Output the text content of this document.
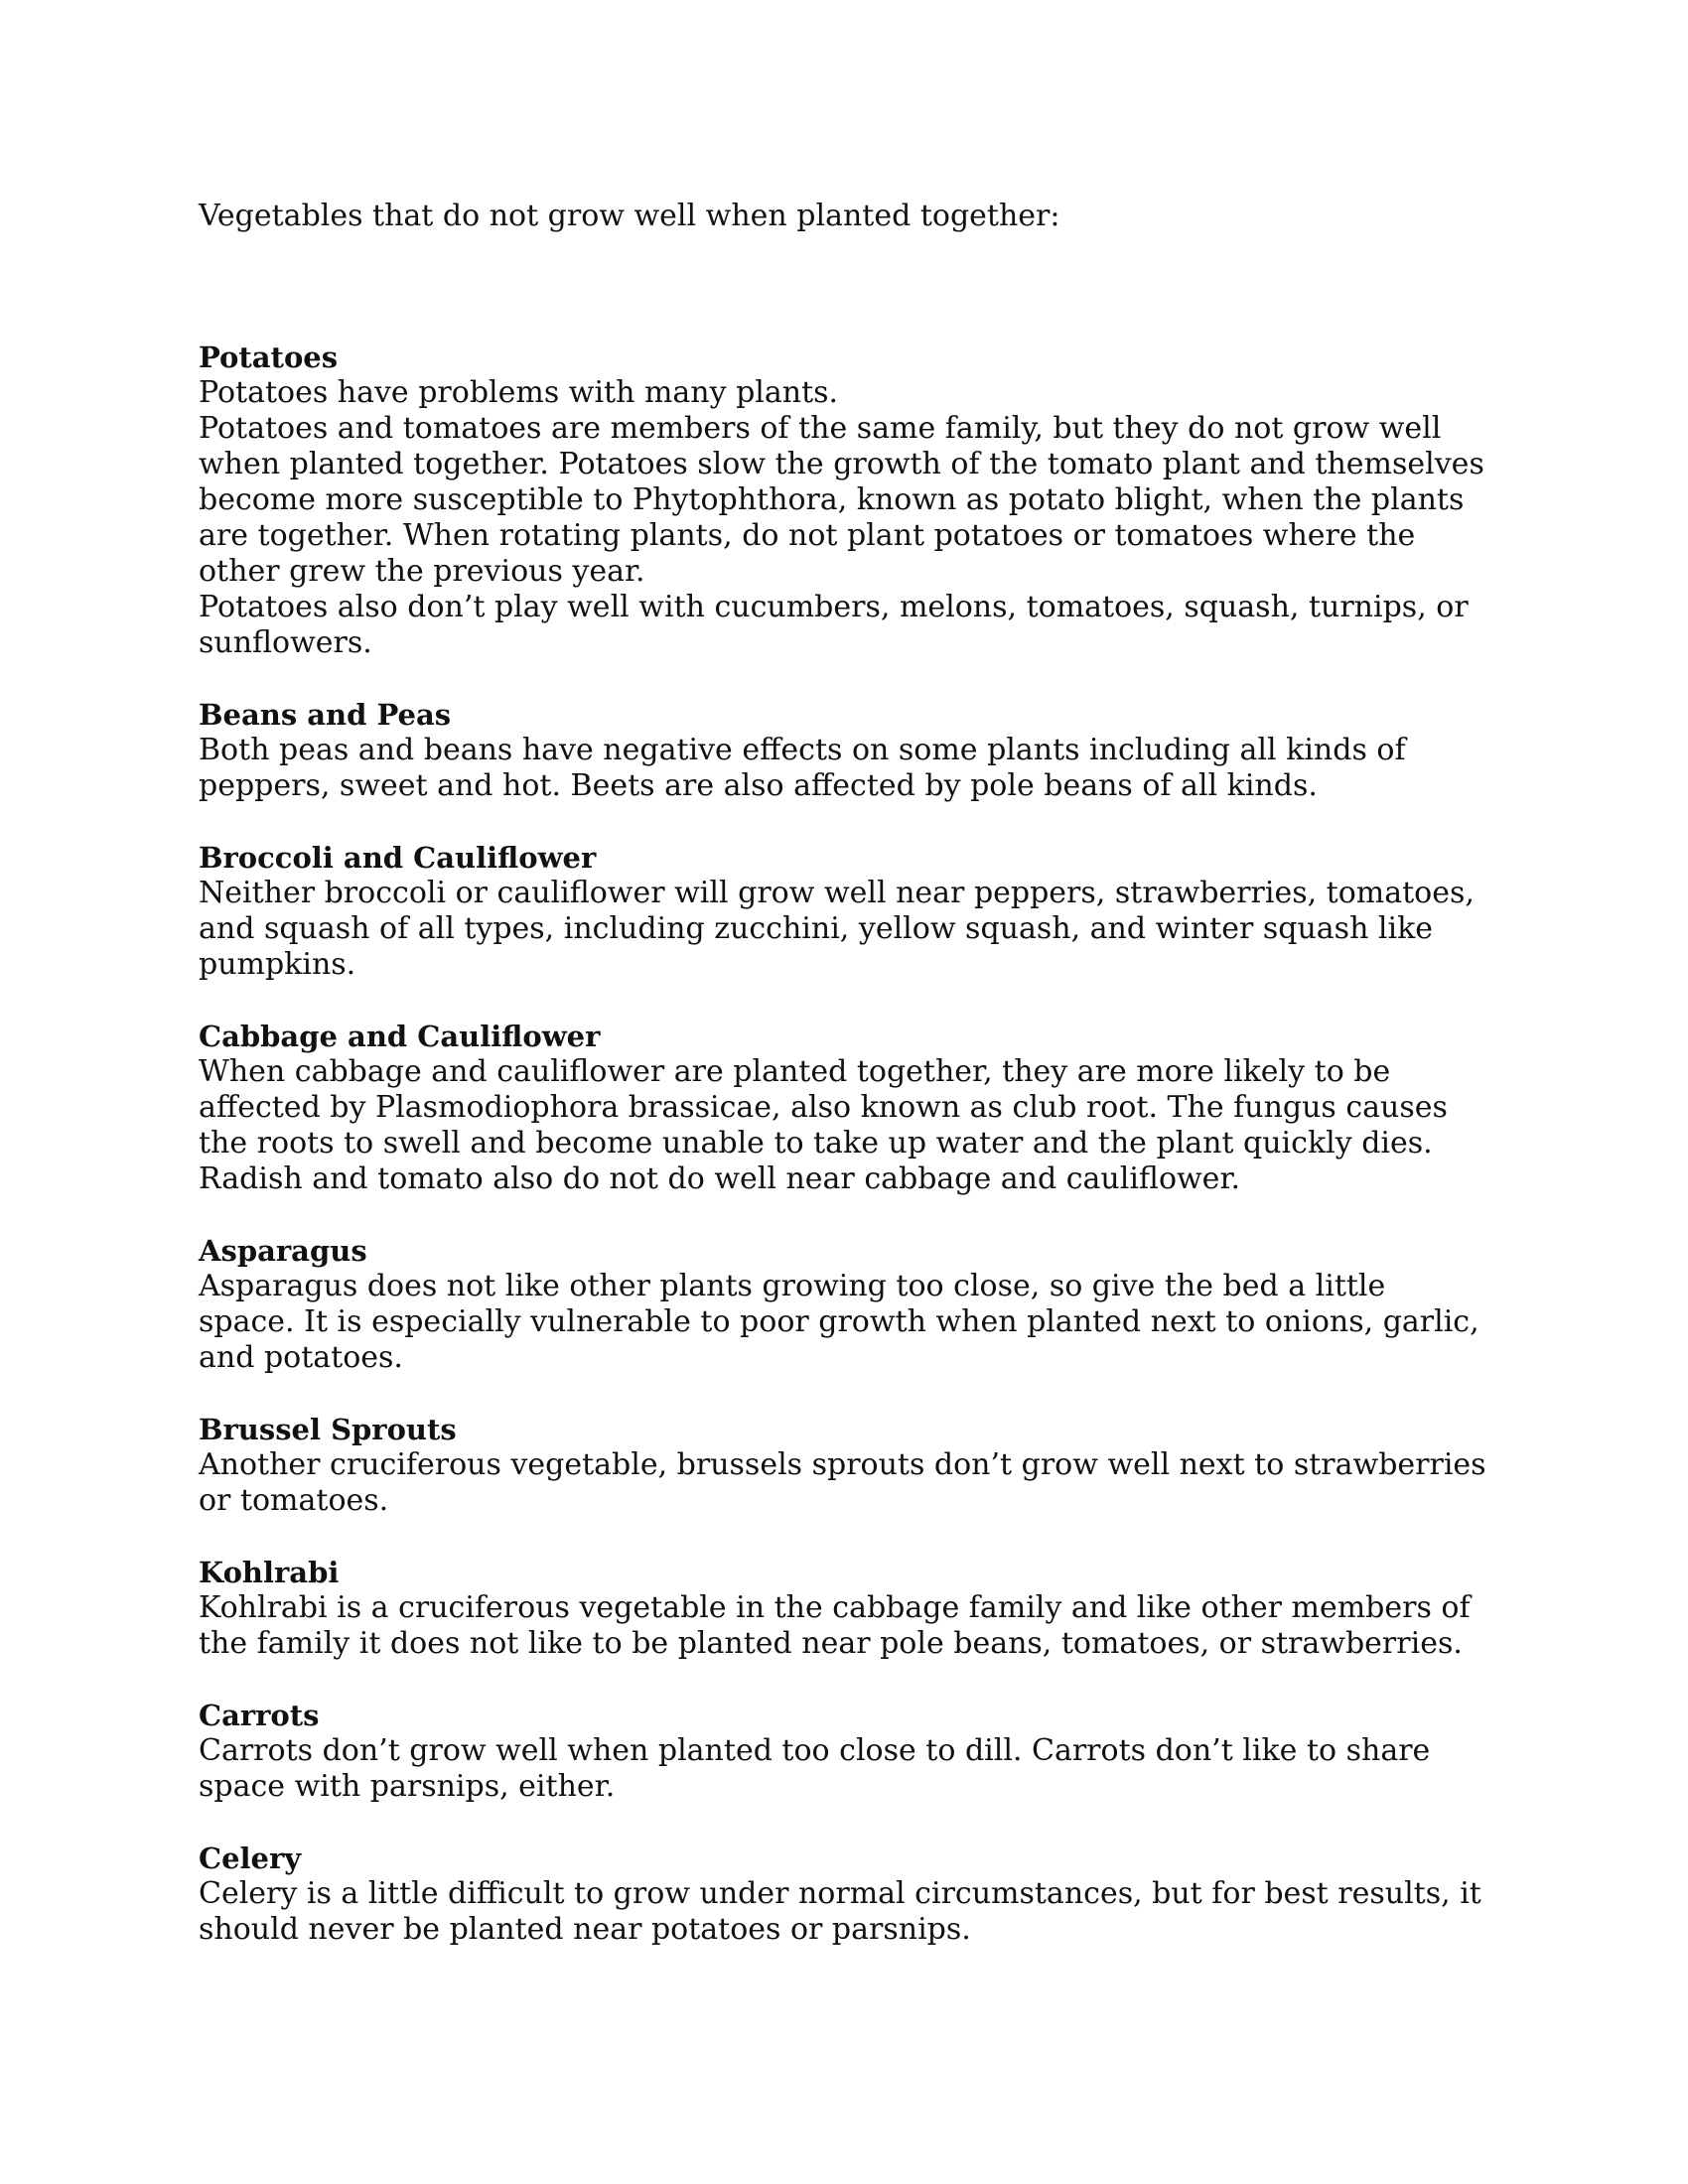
Vegetables that do not grow well when planted together:

Potatoes

Potatoes have problems with many plants.

Potatoes and tomatoes are members of the same family, but they do not grow well when planted together. Potatoes slow the growth of the tomato plant and themselves become more susceptible to Phytophthora, known as potato blight, when the plants are together. When rotating plants, do not plant potatoes or tomatoes where the other grew the previous year.

Potatoes also don’t play well with cucumbers, melons, tomatoes, squash, turnips, or sunflowers.

Beans and Peas

Both peas and beans have negative effects on some plants including all kinds of peppers, sweet and hot. Beets are also affected by pole beans of all kinds.

Broccoli and Cauliflower

Neither broccoli or cauliflower will grow well near peppers, strawberries, tomatoes, and squash of all types, including zucchini, yellow squash, and winter squash like pumpkins.

Cabbage and Cauliflower

When cabbage and cauliflower are planted together, they are more likely to be affected by Plasmodiophora brassicae, also known as club root. The fungus causes the roots to swell and become unable to take up water and the plant quickly dies. Radish and tomato also do not do well near cabbage and cauliflower.

Asparagus

Asparagus does not like other plants growing too close, so give the bed a little space. It is especially vulnerable to poor growth when planted next to onions, garlic, and potatoes.

Brussel Sprouts

Another cruciferous vegetable, brussels sprouts don’t grow well next to strawberries or tomatoes.

Kohlrabi

Kohlrabi is a cruciferous vegetable in the cabbage family and like other members of the family it does not like to be planted near pole beans, tomatoes, or strawberries.

Carrots

Carrots don’t grow well when planted too close to dill. Carrots don’t like to share space with parsnips, either.

Celery

Celery is a little difficult to grow under normal circumstances, but for best results, it should never be planted near potatoes or parsnips.
